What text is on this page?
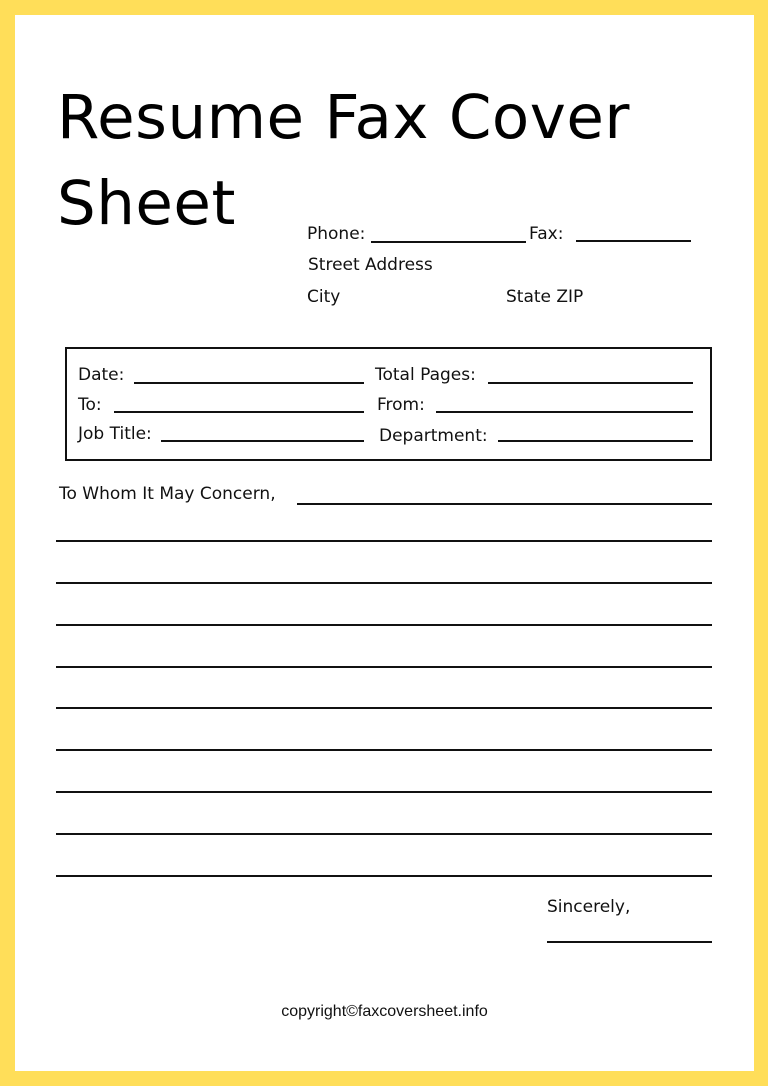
Resume Fax Cover
Sheet	Phone:	Fax:
Street Address
City	State ZIP
Date:	Total Pages:
To:	From:
Job Title:	Department:
To Whom It May Concern,
Sincerely,
copyright©faxcoversheet.info
